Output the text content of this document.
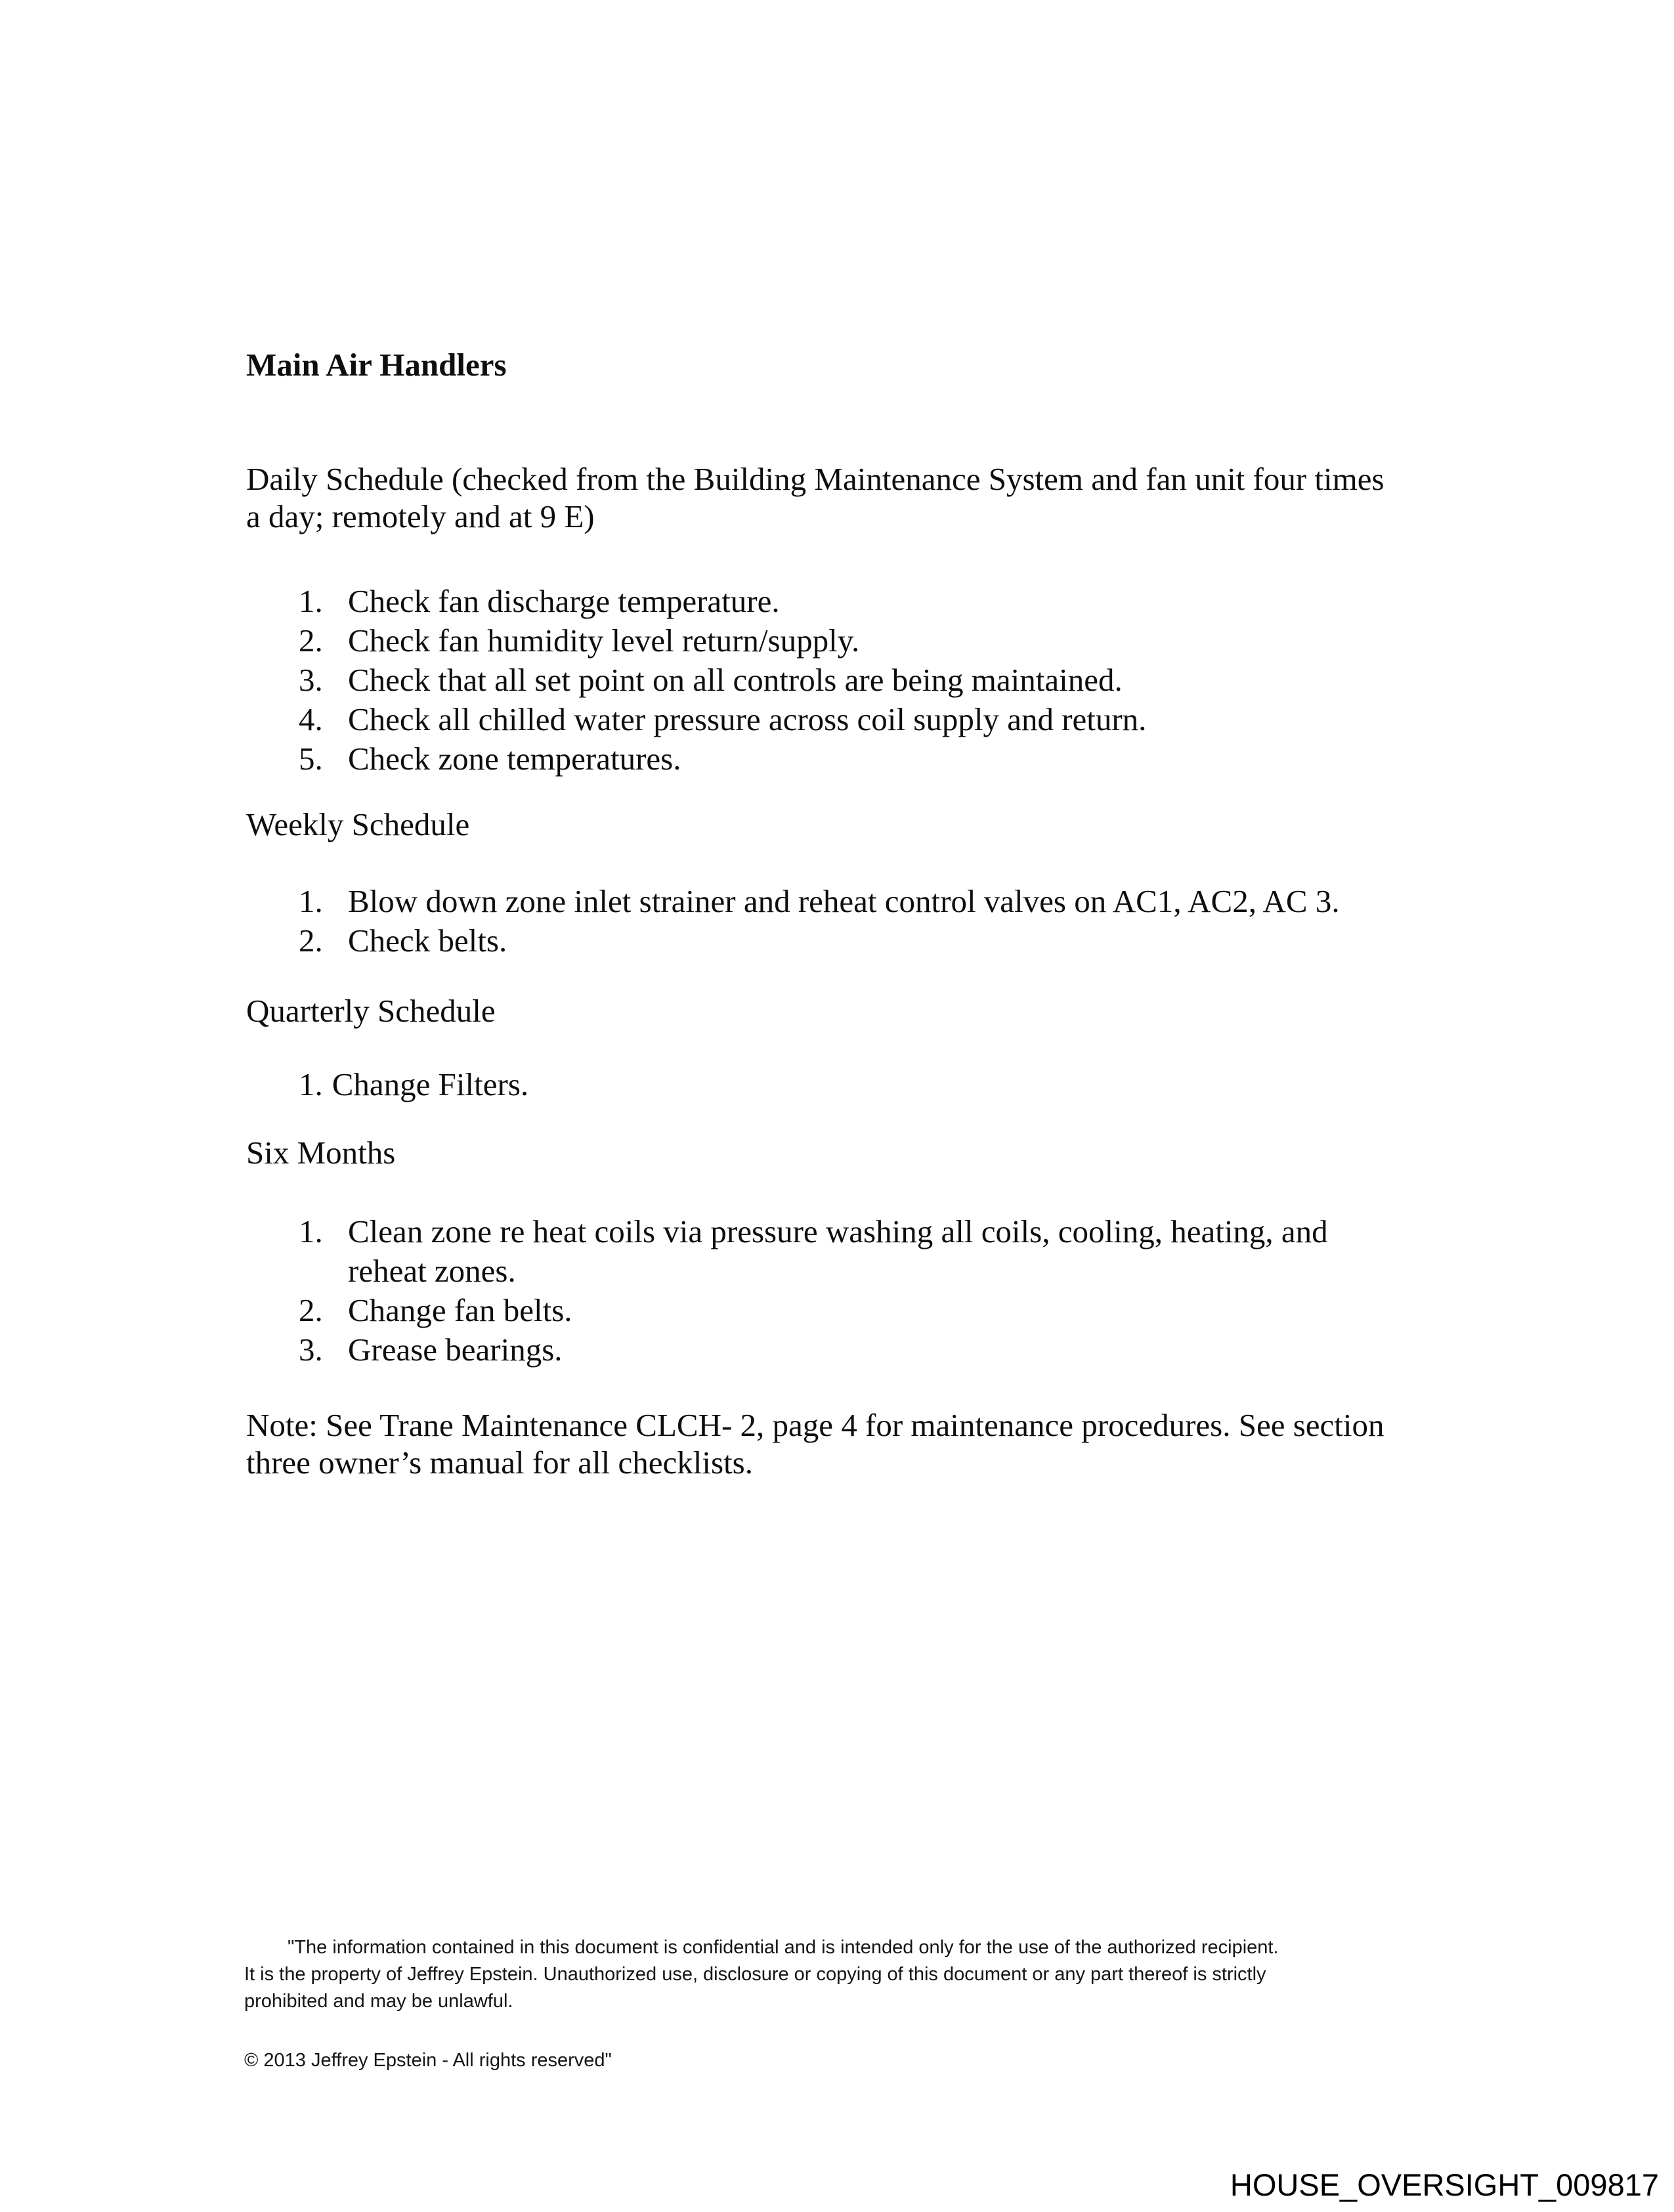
Main Air Handlers
Daily Schedule (checked from the Building Maintenance System and fan unit four times
a day; remotely and at 9 E)
1. Check fan discharge temperature.
2. Check fan humidity level return/supply.
3. Check that all set point on all controls are being maintained.
4. Check all chilled water pressure across coil supply and return.
5. Check zone temperatures.
Weekly Schedule
1. Blow down zone inlet strainer and reheat control valves on AC1, AC2, AC 3.
2. Check belts.
Quarterly Schedule
1. Change Filters.
Six Months
1. Clean zone re heat coils via pressure washing all coils, cooling, heating, and
reheat zones.
2. Change fan belts.
3. Grease bearings.
Note: See Trane Maintenance CLCH- 2, page 4 for maintenance procedures. See section
three owner’s manual for all checklists.
"The information contained in this document is confidential and is intended only for the use of the authorized recipient.
It is the property of Jeffrey Epstein. Unauthorized use, disclosure or copying of this document or any part thereof is strictly
prohibited and may be unlawful.
© 2013 Jeffrey Epstein - All rights reserved"
HOUSE_OVERSIGHT_009817
